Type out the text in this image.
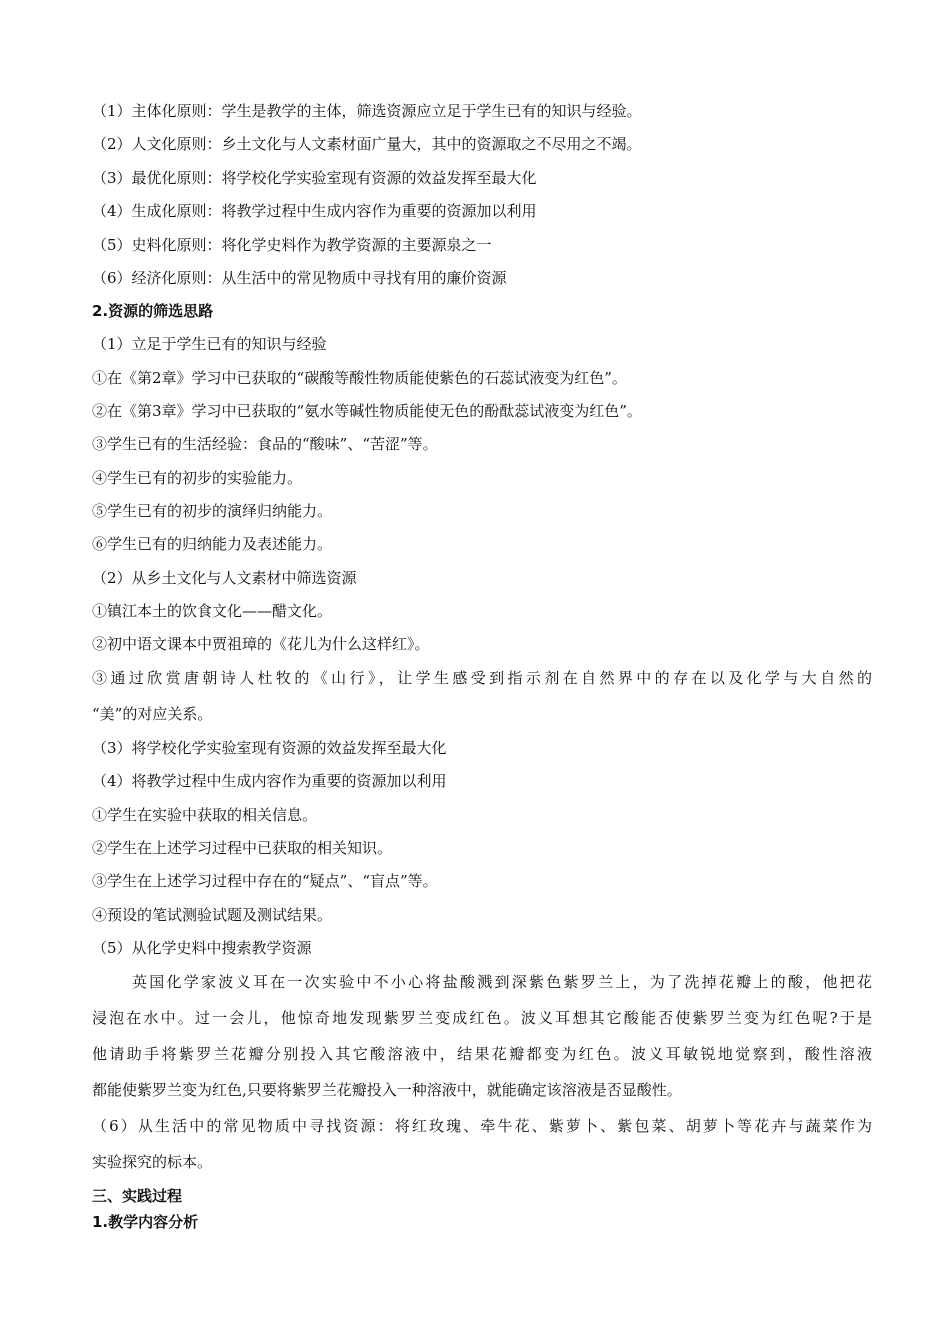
（1）主体化原则：学生是教学的主体，筛选资源应立足于学生已有的知识与经验。
（2）人文化原则：乡土文化与人文素材面广量大，其中的资源取之不尽用之不竭。
（3）最优化原则：将学校化学实验室现有资源的效益发挥至最大化
（4）生成化原则：将教学过程中生成内容作为重要的资源加以利用
（5）史料化原则：将化学史料作为教学资源的主要源泉之一
（6）经济化原则：从生活中的常见物质中寻找有用的廉价资源
2.资源的筛选思路
（1）立足于学生已有的知识与经验
①在《第2章》学习中已获取的“碳酸等酸性物质能使紫色的石蕊试液变为红色”。
②在《第3章》学习中已获取的“氨水等碱性物质能使无色的酚酞蕊试液变为红色”。
③学生已有的生活经验：食品的“酸味”、“苦涩”等。
④学生已有的初步的实验能力。
⑤学生已有的初步的演绎归纳能力。
⑥学生已有的归纳能力及表述能力。
（2）从乡土文化与人文素材中筛选资源
①镇江本土的饮食文化——醋文化。
②初中语文课本中贾祖璋的《花儿为什么这样红》。
③通过欣赏唐朝诗人杜牧的《山行》，让学生感受到指示剂在自然界中的存在以及化学与大自然的
“美”的对应关系。
（3）将学校化学实验室现有资源的效益发挥至最大化
（4）将教学过程中生成内容作为重要的资源加以利用
①学生在实验中获取的相关信息。
②学生在上述学习过程中已获取的相关知识。
③学生在上述学习过程中存在的“疑点”、“盲点”等。
④预设的笔试测验试题及测试结果。
（5）从化学史料中搜索教学资源
英国化学家波义耳在一次实验中不小心将盐酸溅到深紫色紫罗兰上，为了洗掉花瓣上的酸，他把花
浸泡在水中。过一会儿，他惊奇地发现紫罗兰变成红色。波义耳想其它酸能否使紫罗兰变为红色呢?于是
他请助手将紫罗兰花瓣分别投入其它酸溶液中，结果花瓣都变为红色。波义耳敏锐地觉察到，酸性溶液
都能使紫罗兰变为红色,只要将紫罗兰花瓣投入一种溶液中，就能确定该溶液是否显酸性。
（6）从生活中的常见物质中寻找资源：将红玫瑰、牵牛花、紫萝卜、紫包菜、胡萝卜等花卉与蔬菜作为
实验探究的标本。
三、实践过程
1.教学内容分析
